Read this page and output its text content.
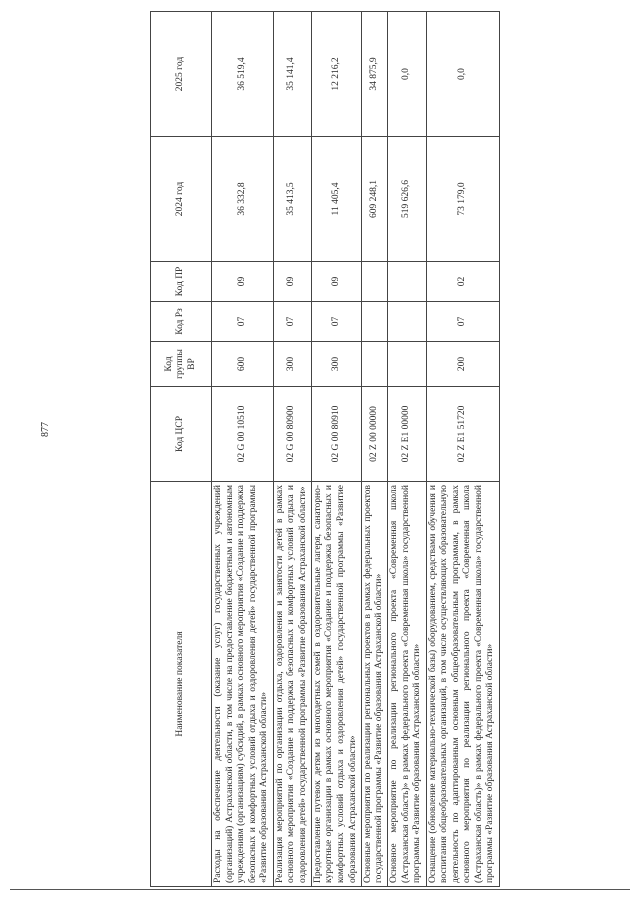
877
Наименование показателя	Код ЦСР	Код группы ВР	Код Рз	Код ПР	2024 год	2025 год
Расходы на обеспечение деятельности (оказание услуг) государственных учреждений (организаций) Астраханской области, в том числе на предоставление бюджетным и автономным учреждениям (организациям) субсидий, в рамках основного мероприятия «Создание и поддержка безопасных и комфортных условий отдыха и оздоровления детей» государственной программы «Развитие образования Астраханской области»	02 G 00 10510	600	07	09	36 332,8	36 519,4
Реализация мероприятий по организации отдыха, оздоровления и занятости детей в рамках основного мероприятия «Создание и поддержка безопасных и комфортных условий отдыха и оздоровления детей» государственной программы «Развитие образования Астраханской области»	02 G 00 80900	300	07	09	35 413,5	35 141,4
Предоставление путевок детям из многодетных семей в оздоровительные лагеря, санаторно-курортные организации в рамках основного мероприятия «Создание и поддержка безопасных и комфортных условий отдыха и оздоровления детей» государственной программы «Развитие образования Астраханской области»	02 G 00 80910	300	07	09	11 405,4	12 216,2
Основные мероприятия по реализации региональных проектов в рамках федеральных проектов государственной программы «Развитие образования Астраханской области»	02 Z 00 00000				609 248,1	34 875,9
Основное мероприятие по реализации регионального проекта «Современная школа (Астраханская область)» в рамках федерального проекта «Современная школа» государственной программы «Развитие образования Астраханской области»	02 Z E1 00000				519 626,6	0,0
Оснащение (обновление материально-технической базы) оборудованием, средствами обучения и воспитания общеобразовательных организаций, в том числе осуществляющих образовательную деятельность по адаптированным основным общеобразовательным программам, в рамках основного мероприятия по реализации регионального проекта «Современная школа (Астраханская область)» в рамках федерального проекта «Современная школа» государственной программы «Развитие образования Астраханской области»	02 Z E1 51720	200	07	02	73 179,0	0,0
